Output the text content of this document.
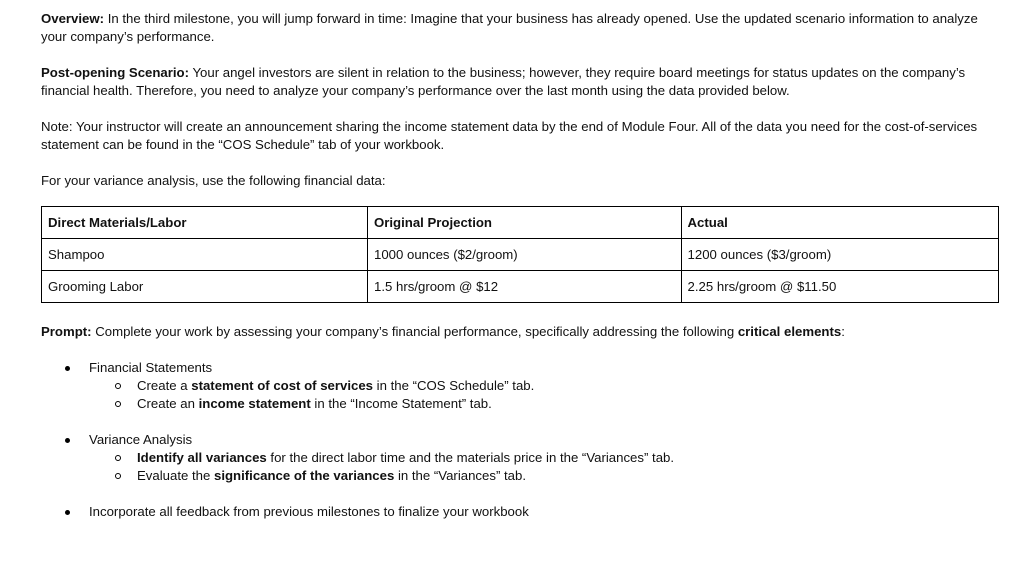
Overview: In the third milestone, you will jump forward in time: Imagine that your business has already opened. Use the updated scenario information to analyze your company’s performance.

Post-opening Scenario: Your angel investors are silent in relation to the business; however, they require board meetings for status updates on the company’s financial health. Therefore, you need to analyze your company’s performance over the last month using the data provided below.

Note: Your instructor will create an announcement sharing the income statement data by the end of Module Four. All of the data you need for the cost-of-services statement can be found in the “COS Schedule” tab of your workbook.

For your variance analysis, use the following financial data:

Direct Materials/Labor	Original Projection	Actual
Shampoo	1000 ounces ($2/groom)	1200 ounces ($3/groom)
Grooming Labor	1.5 hrs/groom @ $12	2.25 hrs/groom @ $11.50

Prompt: Complete your work by assessing your company’s financial performance, specifically addressing the following critical elements:

Financial Statements

Create a statement of cost of services in the “COS Schedule” tab.

Create an income statement in the “Income Statement” tab.

Variance Analysis

Identify all variances for the direct labor time and the materials price in the “Variances” tab.

Evaluate the significance of the variances in the “Variances” tab.

Incorporate all feedback from previous milestones to finalize your workbook
